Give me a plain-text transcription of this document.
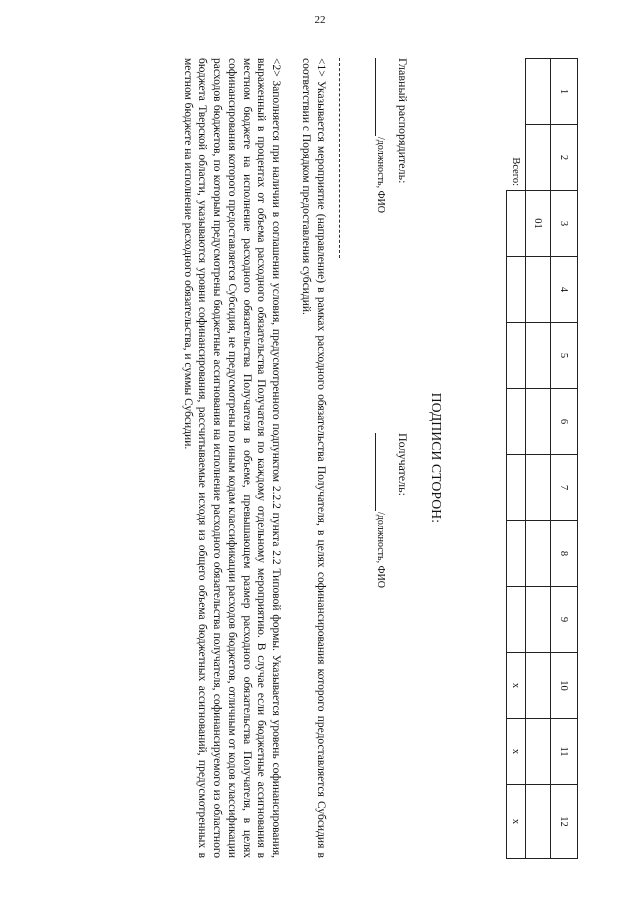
22
1	2	3	4	5	6	7	8	9	10	11	12
		01									
	Всего:								x	x	x
ПОДПИСИ СТОРОН:
Главный распорядитель:
/должность, ФИО
Получатель:
/должность, ФИО

<1> Указывается мероприятие (направление) в рамках расходного обязательства Получателя, в целях софинансирования которого предоставляется Субсидия в соответствии с Порядком предоставления субсидий.

<2> Заполняется при наличии в соглашении условия, предусмотренного подпунктом 2.2.2 пункта 2.2 Типовой формы. Указывается уровень софинансирования, выраженный в процентах от объема расходного обязательства Получателя по каждому отдельному мероприятию. В случае если бюджетные ассигнования в местном бюджете на исполнение расходного обязательства Получателя в объеме, превышающем размер расходного обязательства Получателя, в целях софинансирования которого предоставляется Субсидия, не предусмотрены по иным кодам классификации расходов бюджетов, отличным от кодов классификации расходов бюджетов, по которым предусмотрены бюджетные ассигнования на исполнение расходного обязательства получателя, софинансируемого из областного бюджета Тверской области, указываются уровни софинансирования, рассчитываемые исходя из общего объема бюджетных ассигнований, предусмотренных в местном бюджете на исполнение расходного обязательства, и суммы Субсидии.
